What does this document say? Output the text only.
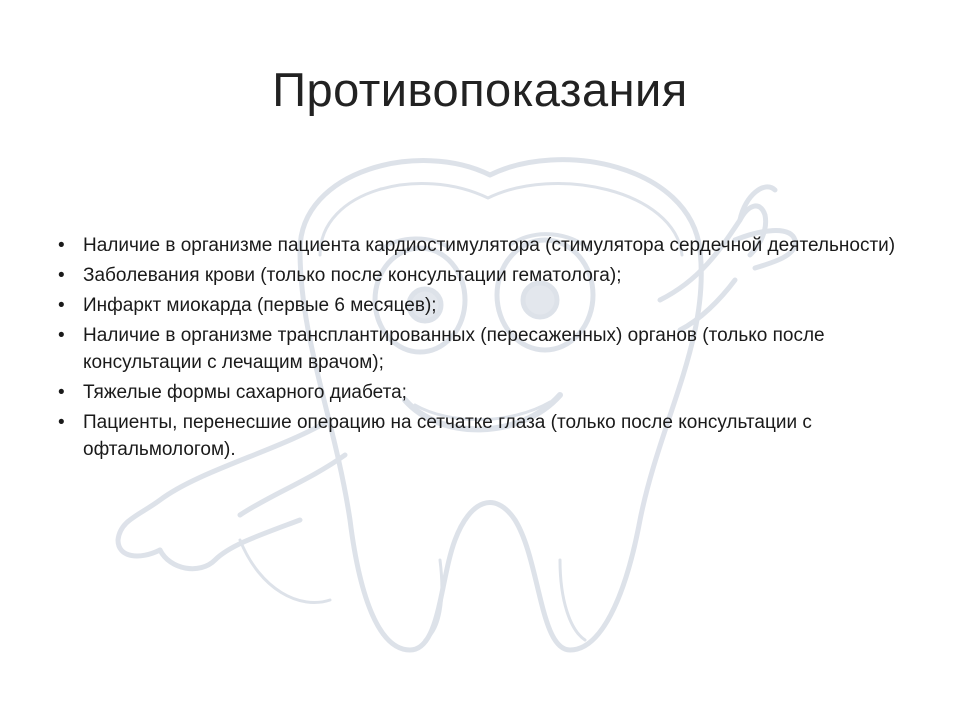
Противопоказания
• Наличие в организме пациента кардиостимулятора (стимулятора сердечной деятельности)
• Заболевания крови (только после консультации гематолога);
• Инфаркт миокарда (первые 6 месяцев);
• Наличие в организме трансплантированных (пересаженных) органов (только после консультации с лечащим врачом);
• Тяжелые формы сахарного диабета;
• Пациенты, перенесшие операцию на сетчатке глаза (только после консультации с офтальмологом).
